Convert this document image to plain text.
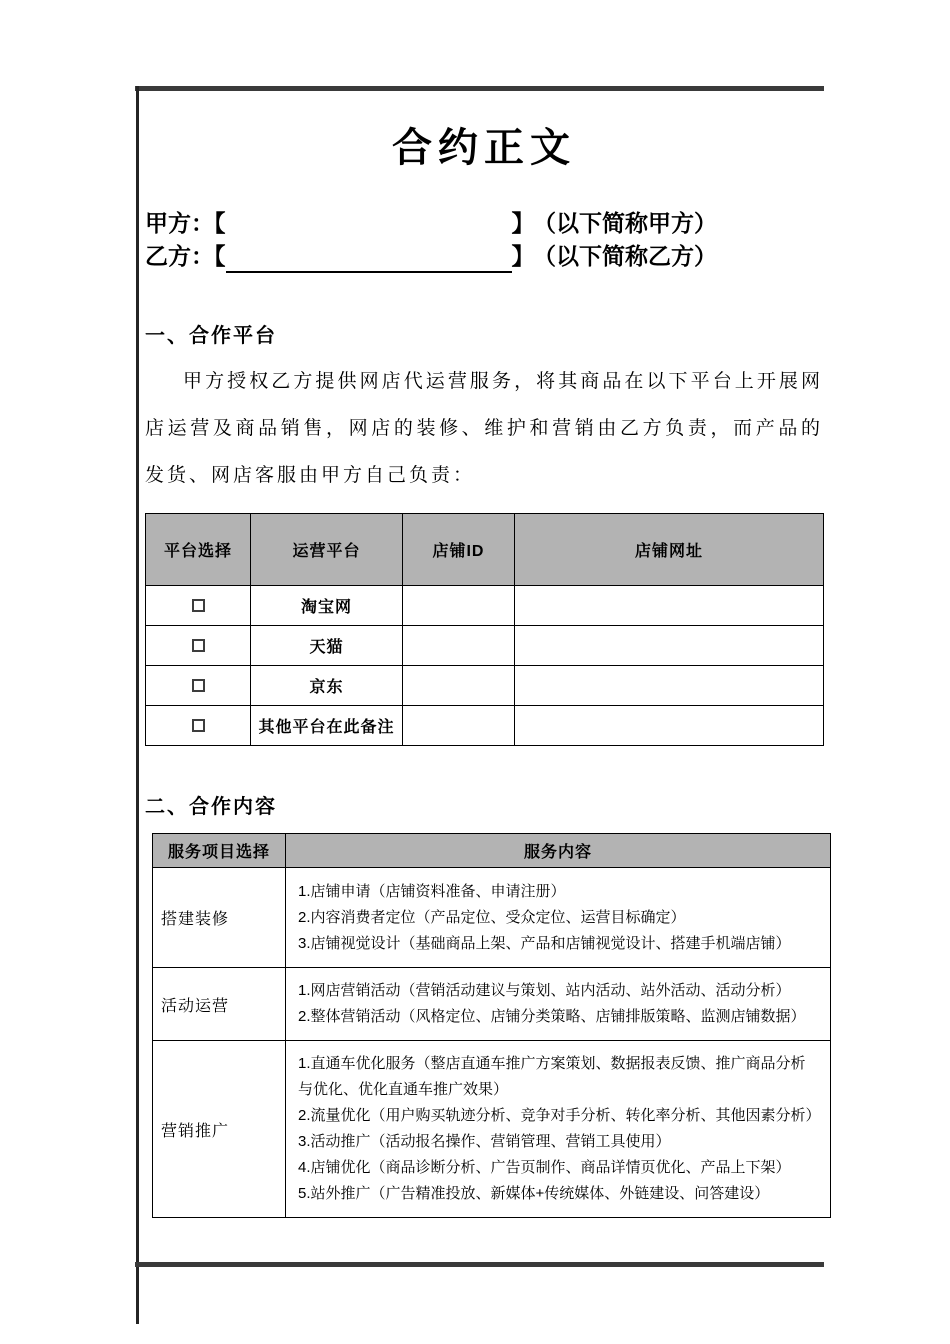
合约正文
甲方：【	】 （以下简称甲方）
乙方：【	】 （以下简称乙方）
一、合作平台
甲方授权乙方提供网店代运营服务，将其商品在以下平台上开展网店运营及商品销售，网店的装修、维护和营销由乙方负责，而产品的发货、网店客服由甲方自己负责：
平台选择	运营平台	店铺ID	店铺网址
	淘宝网		
	天猫		
	京东		
	其他平台在此备注		
二、合作内容
服务项目选择	服务内容
搭建装修	1.店铺申请（店铺资料准备、申请注册）
2.内容消费者定位（产品定位、受众定位、运营目标确定）
3.店铺视觉设计（基础商品上架、产品和店铺视觉设计、搭建手机端店铺）

活动运营	1.网店营销活动（营销活动建议与策划、站内活动、站外活动、活动分析）
2.整体营销活动（风格定位、店铺分类策略、店铺排版策略、监测店铺数据）

营销推广	1.直通车优化服务（整店直通车推广方案策划、数据报表反馈、推广商品分析与优化、优化直通车推广效果）
2.流量优化（用户购买轨迹分析、竞争对手分析、转化率分析、其他因素分析）
3.活动推广（活动报名操作、营销管理、营销工具使用）
4.店铺优化（商品诊断分析、广告页制作、商品详情页优化、产品上下架）
5.站外推广（广告精准投放、新媒体+传统媒体、外链建设、问答建设）
